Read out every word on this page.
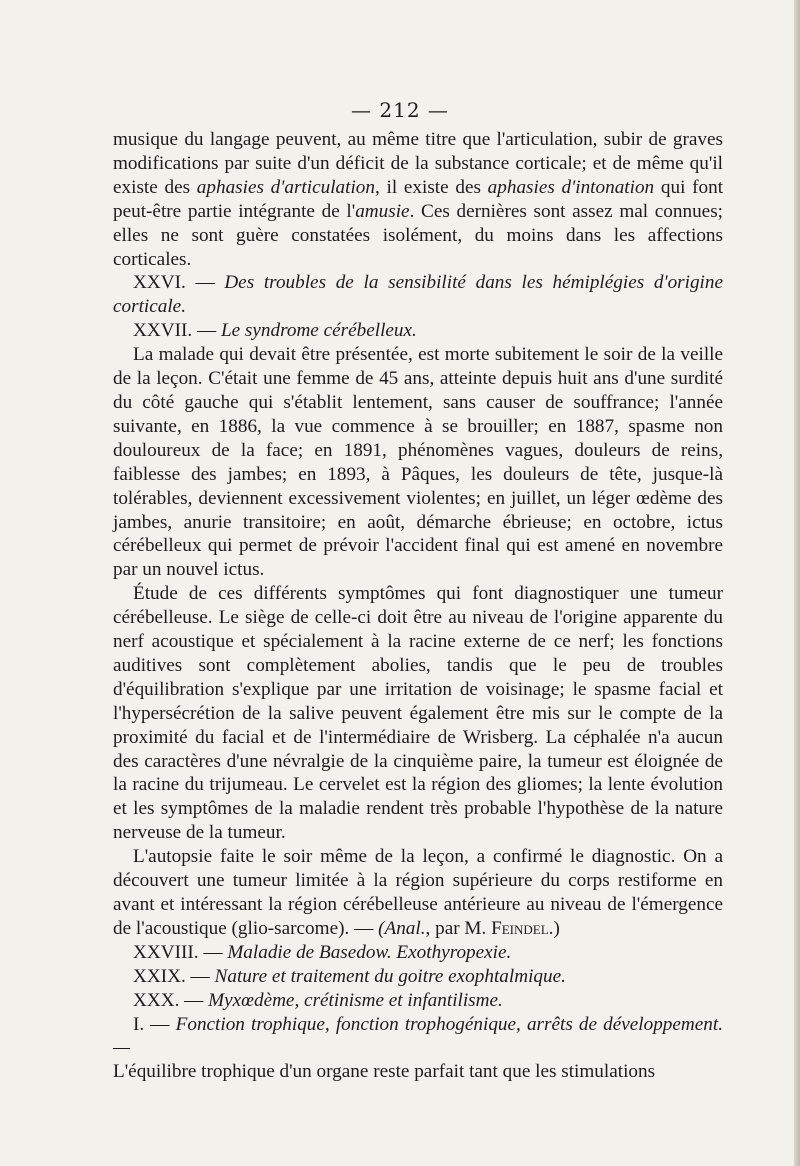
— 212 —

musique du langage peuvent, au même titre que l'articulation, subir de graves modifications par suite d'un déficit de la substance corticale; et de même qu'il existe des aphasies d'articulation, il existe des aphasies d'intonation qui font peut-être partie intégrante de l'amusie. Ces dernières sont assez mal connues; elles ne sont guère constatées isolément, du moins dans les affections corticales.

XXVI. — Des troubles de la sensibilité dans les hémiplégies d'origine corticale.

XXVII. — Le syndrome cérébelleux.

La malade qui devait être présentée, est morte subitement le soir de la veille de la leçon. C'était une femme de 45 ans, atteinte depuis huit ans d'une surdité du côté gauche qui s'établit lentement, sans causer de souffrance; l'année suivante, en 1886, la vue commence à se brouiller; en 1887, spasme non douloureux de la face; en 1891, phénomènes vagues, douleurs de reins, faiblesse des jambes; en 1893, à Pâques, les douleurs de tête, jusque-là tolérables, deviennent excessivement violentes; en juillet, un léger œdème des jambes, anurie transitoire; en août, démarche ébrieuse; en octobre, ictus cérébelleux qui permet de prévoir l'accident final qui est amené en novembre par un nouvel ictus.

Étude de ces différents symptômes qui font diagnostiquer une tumeur cérébelleuse. Le siège de celle-ci doit être au niveau de l'origine apparente du nerf acoustique et spécialement à la racine externe de ce nerf; les fonctions auditives sont complètement abolies, tandis que le peu de troubles d'équilibration s'explique par une irritation de voisinage; le spasme facial et l'hypersécrétion de la salive peuvent également être mis sur le compte de la proximité du facial et de l'intermédiaire de Wrisberg. La céphalée n'a aucun des caractères d'une névralgie de la cinquième paire, la tumeur est éloignée de la racine du trijumeau. Le cervelet est la région des gliomes; la lente évolution et les symptômes de la maladie rendent très probable l'hypothèse de la nature nerveuse de la tumeur.

L'autopsie faite le soir même de la leçon, a confirmé le diagnostic. On a découvert une tumeur limitée à la région supérieure du corps restiforme en avant et intéressant la région cérébelleuse antérieure au niveau de l'émergence de l'acoustique (glio-sarcome). — (Anal., par M. Feindel.)

XXVIII. — Maladie de Basedow. Exothyropexie.

XXIX. — Nature et traitement du goitre exophtalmique.

XXX. — Myxœdème, crétinisme et infantilisme.

I. — Fonction trophique, fonction trophogénique, arrêts de développement. —

L'équilibre trophique d'un organe reste parfait tant que les stimulations
